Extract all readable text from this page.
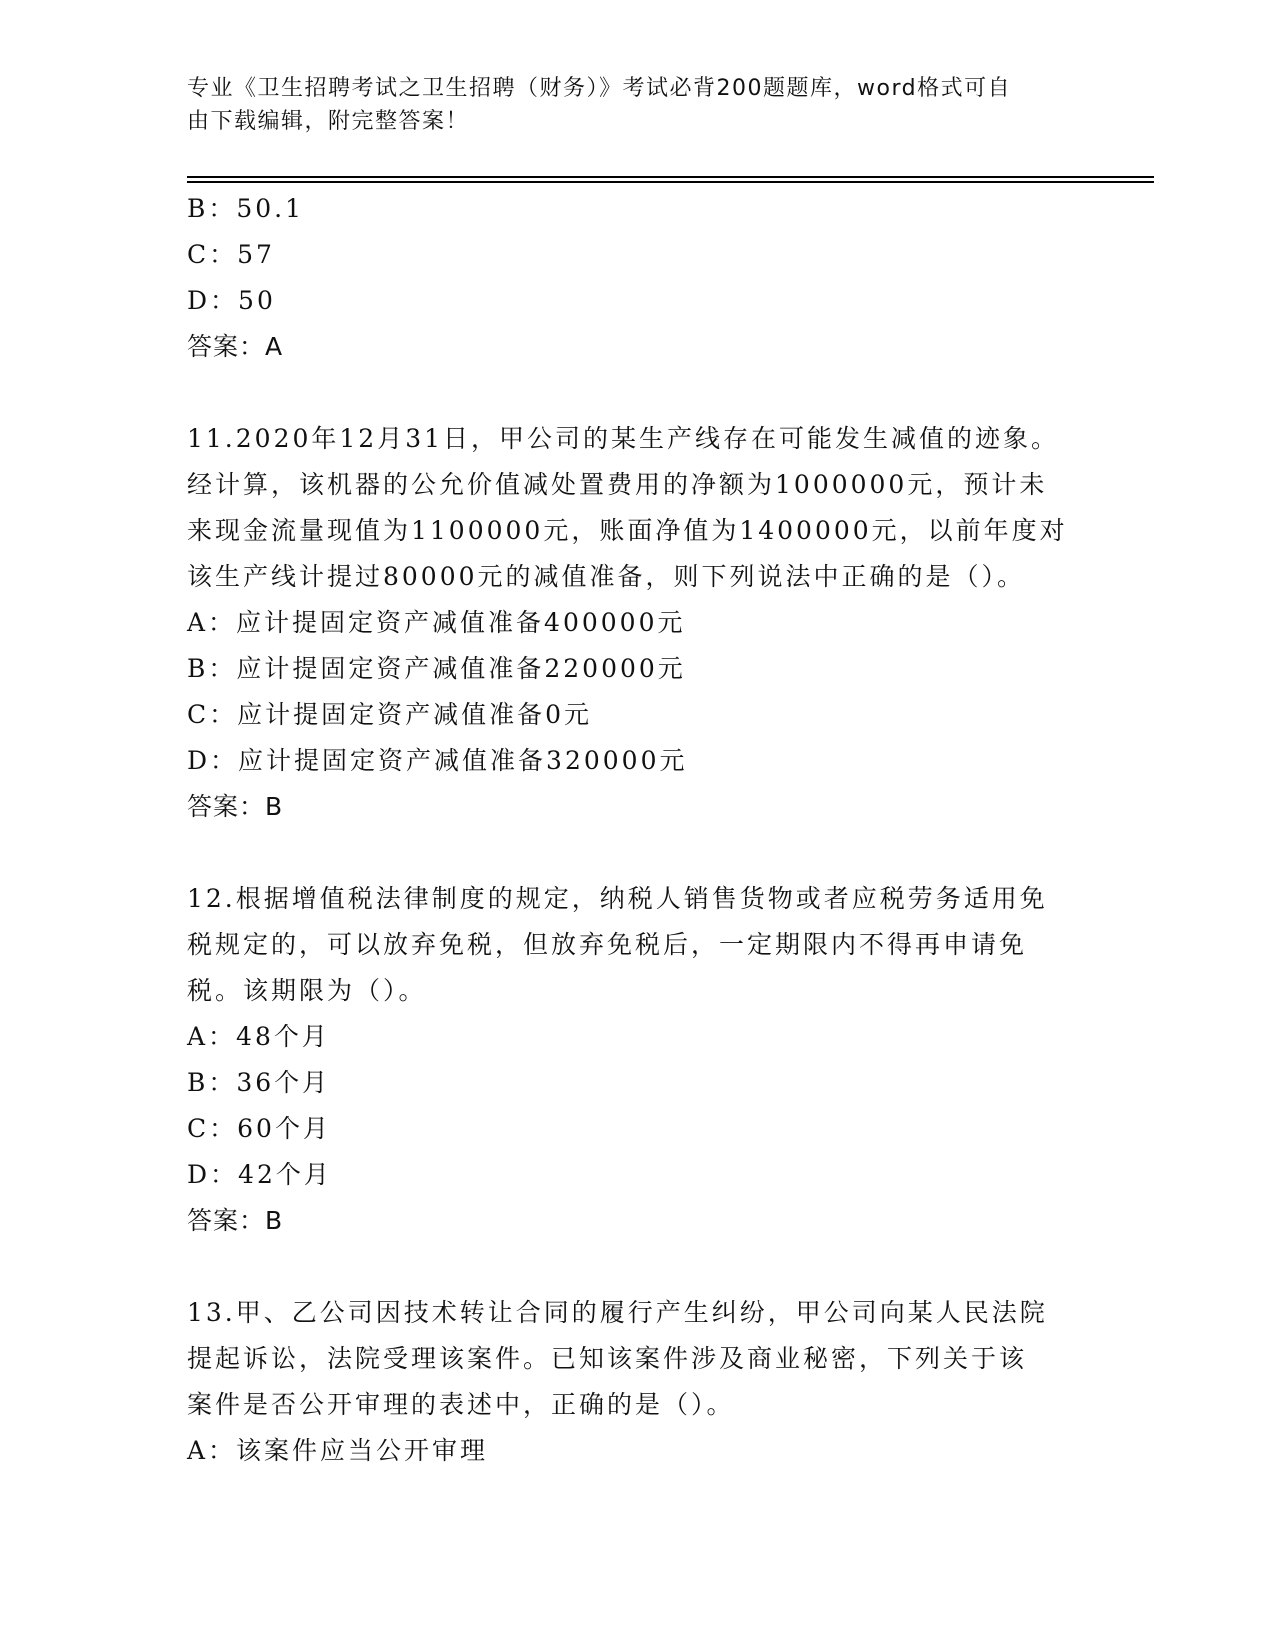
专业《卫生招聘考试之卫生招聘（财务）》考试必背200题题库，word格式可自
由下载编辑，附完整答案！
B：50.1
C：57
D：50
答案：A
11.2020年12月31日，甲公司的某生产线存在可能发生减值的迹象。
经计算，该机器的公允价值减处置费用的净额为1000000元，预计未
来现金流量现值为1100000元，账面净值为1400000元，以前年度对
该生产线计提过80000元的减值准备，则下列说法中正确的是（）。
A：应计提固定资产减值准备400000元
B：应计提固定资产减值准备220000元
C：应计提固定资产减值准备0元
D：应计提固定资产减值准备320000元
答案：B
12.根据增值税法律制度的规定，纳税人销售货物或者应税劳务适用免
税规定的，可以放弃免税，但放弃免税后，一定期限内不得再申请免
税。该期限为（）。
A：48个月
B：36个月
C：60个月
D：42个月
答案：B
13.甲、乙公司因技术转让合同的履行产生纠纷，甲公司向某人民法院
提起诉讼，法院受理该案件。已知该案件涉及商业秘密，下列关于该
案件是否公开审理的表述中，正确的是（）。
A：该案件应当公开审理
